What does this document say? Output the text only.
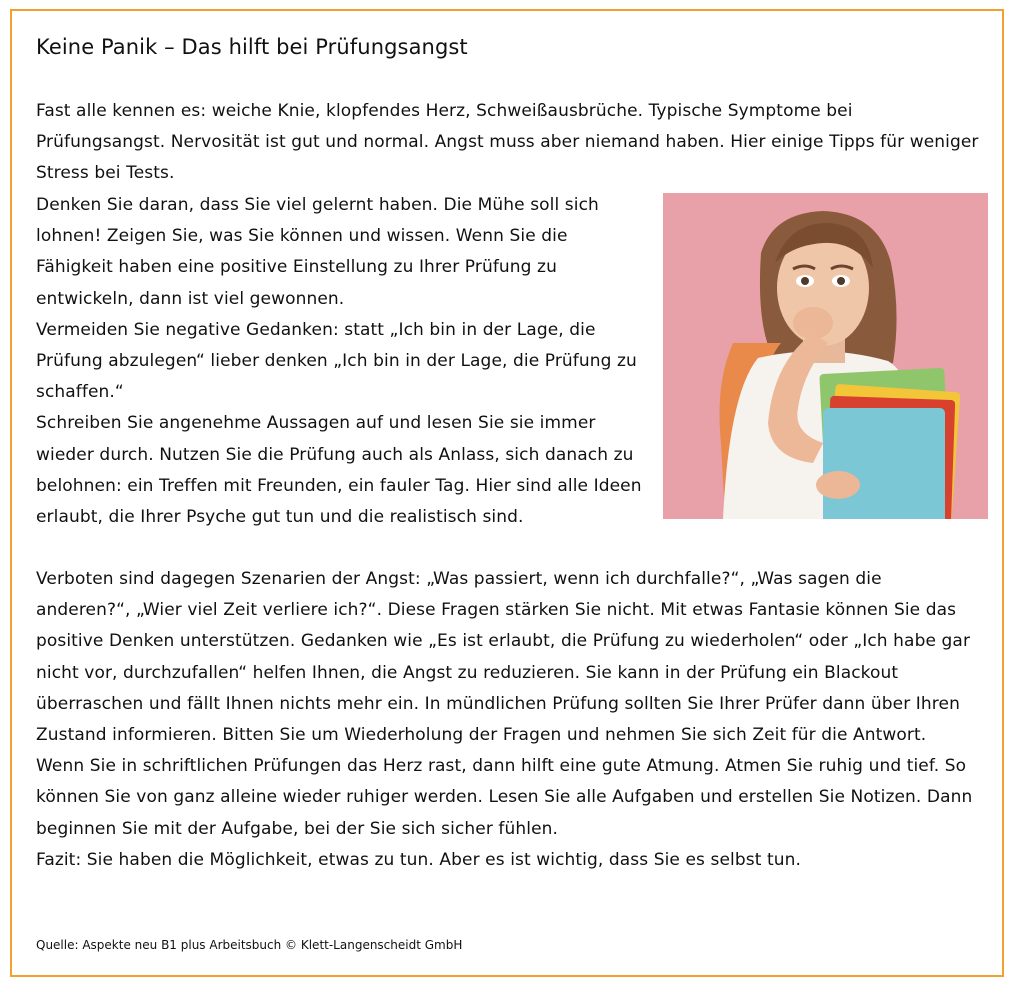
Keine Panik – Das hilft bei Prüfungsangst

Fast alle kennen es: weiche Knie, klopfendes Herz, Schweißausbrüche. Typische Symptome bei Prüfungsangst. Nervosität ist gut und normal. Angst muss aber niemand haben. Hier einige Tipps für weniger Stress bei Tests.

Denken Sie daran, dass Sie viel gelernt haben. Die Mühe soll sich lohnen! Zeigen Sie, was Sie können und wissen. Wenn Sie die Fähigkeit haben eine positive Einstellung zu Ihrer Prüfung zu entwickeln, dann ist viel gewonnen.

Vermeiden Sie negative Gedanken: statt „Ich bin in der Lage, die Prüfung abzulegen“ lieber denken „Ich bin in der Lage, die Prüfung zu schaffen.“

Schreiben Sie angenehme Aussagen auf und lesen Sie sie immer wieder durch. Nutzen Sie die Prüfung auch als Anlass, sich danach zu belohnen: ein Treffen mit Freunden, ein fauler Tag. Hier sind alle Ideen erlaubt, die Ihrer Psyche gut tun und die realistisch sind.

Verboten sind dagegen Szenarien der Angst: „Was passiert, wenn ich durchfalle?“, „Was sagen die anderen?“, „Wier viel Zeit verliere ich?“. Diese Fragen stärken Sie nicht. Mit etwas Fantasie können Sie das positive Denken unterstützen. Gedanken wie „Es ist erlaubt, die Prüfung zu wiederholen“ oder „Ich habe gar nicht vor, durchzufallen“ helfen Ihnen, die Angst zu reduzieren. Sie kann in der Prüfung ein Blackout überraschen und fällt Ihnen nichts mehr ein. In mündlichen Prüfung sollten Sie Ihrer Prüfer dann über Ihren Zustand informieren. Bitten Sie um Wiederholung der Fragen und nehmen Sie sich Zeit für die Antwort.

Wenn Sie in schriftlichen Prüfungen das Herz rast, dann hilft eine gute Atmung. Atmen Sie ruhig und tief. So können Sie von ganz alleine wieder ruhiger werden. Lesen Sie alle Aufgaben und erstellen Sie Notizen. Dann beginnen Sie mit der Aufgabe, bei der Sie sich sicher fühlen.

Fazit: Sie haben die Möglichkeit, etwas zu tun. Aber es ist wichtig, dass Sie es selbst tun.

Quelle: Aspekte neu B1 plus Arbeitsbuch © Klett-Langenscheidt GmbH
